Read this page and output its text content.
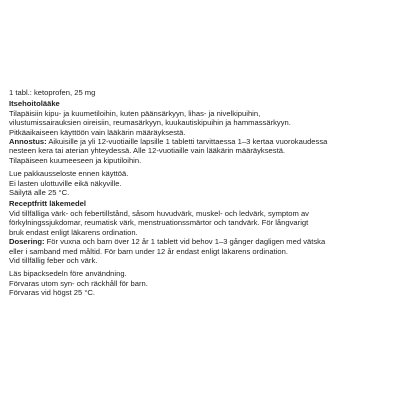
1 tabl.: ketoprofen, 25 mg

Itsehoitolääke

Tilapäisiin kipu- ja kuumetiloihin, kuten päänsärkyyn, lihas- ja nivelkipuihin,

vilustumissairauksien oireisiin, reumasärkyyn, kuukautiskipuihin ja hammassärkyyn.

Pitkäaikaiseen käyttöön vain lääkärin määräyksestä.

Annostus: Aikuisille ja yli 12-vuotiaille lapsille 1 tabletti tarvittaessa 1–3 kertaa vuorokaudessa

nesteen kera tai aterian yhteydessä. Alle 12-vuotiaille vain lääkärin määräyksestä.

Tilapäiseen kuumeeseen ja kiputiloihin.

Lue pakkausseloste ennen käyttöä.

Ei lasten ulottuville eikä näkyville.

Säilytä alle 25 °C.

Receptfritt läkemedel

Vid tillfälliga värk- och febertillstånd, såsom huvudvärk, muskel- och ledvärk, symptom av

förkylningssjukdomar, reumatisk värk, menstruationssmärtor och tandvärk. För långvarigt

bruk endast enligt läkarens ordination.

Dosering: För vuxna och barn över 12 år 1 tablett vid behov 1–3 gånger dagligen med vätska

eller i samband med måltid. För barn under 12 år endast enligt läkarens ordination.

Vid tillfällig feber och värk.

Läs bipacksedeln före användning.

Förvaras utom syn- och räckhåll för barn.

Förvaras vid högst 25 °C.
